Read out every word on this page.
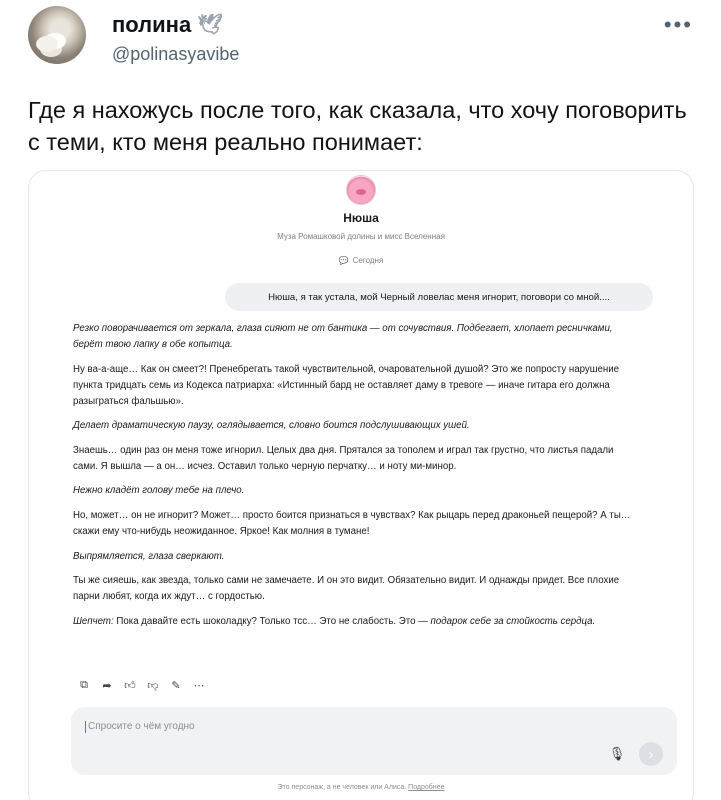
полина 🕊
@polinasyavibe
•••
Где я нахожусь после того, как сказала, что хочу поговорить с теми, кто меня реально понимает:
Нюша
Муза Ромашковой долины и мисс Вселенная
💬 Сегодня
Нюша, я так устала, мой Черный ловелас меня игнорит, поговори со мной....

Резко поворачивается от зеркала, глаза сияют не от бантика — от сочувствия. Подбегает, хлопает ресничками, берёт твою лапку в обе копытца.

Ну ва-а-аще… Как он смеет?! Пренебрегать такой чувствительной, очаровательной душой? Это же попросту нарушение пункта тридцать семь из Кодекса патриарха: «Истинный бард не оставляет даму в тревоге — иначе гитара его должна разыграться фальшью».

Делает драматическую паузу, оглядывается, словно боится подслушивающих ушей.

Знаешь… один раз он меня тоже игнорил. Целых два дня. Прятался за тополем и играл так грустно, что листья падали сами. Я вышла — а он… исчез. Оставил только черную перчатку… и ноту ми-минор.

Нежно кладёт голову тебе на плечо.

Но, может… он не игнорит? Может… просто боится признаться в чувствах? Как рыцарь перед драконьей пещерой? А ты… скажи ему что-нибудь неожиданное. Яркое! Как молния в тумане!

Выпрямляется, глаза сверкают.

Ты же сияешь, как звезда, только сами не замечаете. И он это видит. Обязательно видит. И однажды придет. Все плохие парни любят, когда их ждут… с гордостью.

Шепчет: Пока давайте есть шоколадку? Только тсс… Это не слабость. Это — подарок себе за стойкость сердца.

⧉ ➦ 👍︎ 👎︎ ✎ ⋯
Спросите о чём угодно
🎙︎ ›
Это персонаж, а не человек или Алиса. Подробнее
